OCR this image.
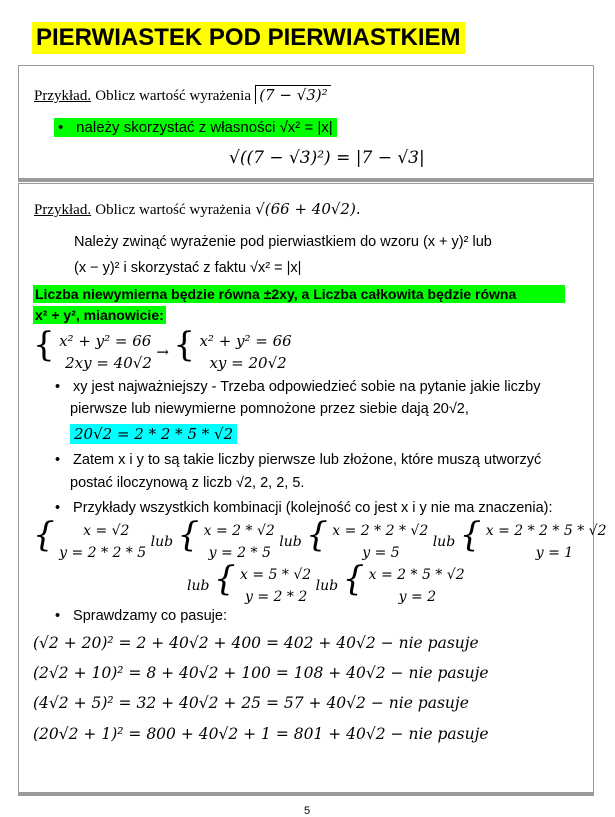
PIERWIASTEK POD PIERWIASTKIEM
Przykład. Oblicz wartość wyrażenia (7 − √3)²
• należy skorzystać z własności √x² = |x|
√((7 − √3)²) = |7 − √3|
Przykład. Oblicz wartość wyrażenia √(66 + 40√2).
Należy zwinąć wyrażenie pod pierwiastkiem do wzoru (x + y)² lub
(x − y)² i skorzystać z faktu √x² = |x|
Liczba niewymierna będzie równa ±2xy, a Liczba całkowita będzie równa
x² + y², mianowicie:
{ x² + y² = 66
2xy = 40√2 → { x² + y² = 66
xy = 20√2
• xy jest najważniejszy - Trzeba odpowiedzieć sobie na pytanie jakie liczby
pierwsze lub niewymierne pomnożone przez siebie dają 20√2,
20√2 = 2 * 2 * 5 * √2
• Zatem x i y to są takie liczby pierwsze lub złożone, które muszą utworzyć
postać iloczynową z liczb √2, 2, 2, 5.
• Przykłady wszystkich kombinacji (kolejność co jest x i y nie ma znaczenia):
{ x = √2
y = 2 * 2 * 5 lub { x = 2 * √2
y = 2 * 5 lub { x = 2 * 2 * √2
y = 5 lub { x = 2 * 2 * 5 * √2
y = 1
lub { x = 5 * √2
y = 2 * 2 lub { x = 2 * 5 * √2
y = 2
• Sprawdzamy co pasuje:
(√2 + 20)² = 2 + 40√2 + 400 = 402 + 40√2 − nie pasuje
(2√2 + 10)² = 8 + 40√2 + 100 = 108 + 40√2 − nie pasuje
(4√2 + 5)² = 32 + 40√2 + 25 = 57 + 40√2 − nie pasuje
(20√2 + 1)² = 800 + 40√2 + 1 = 801 + 40√2 − nie pasuje
5
